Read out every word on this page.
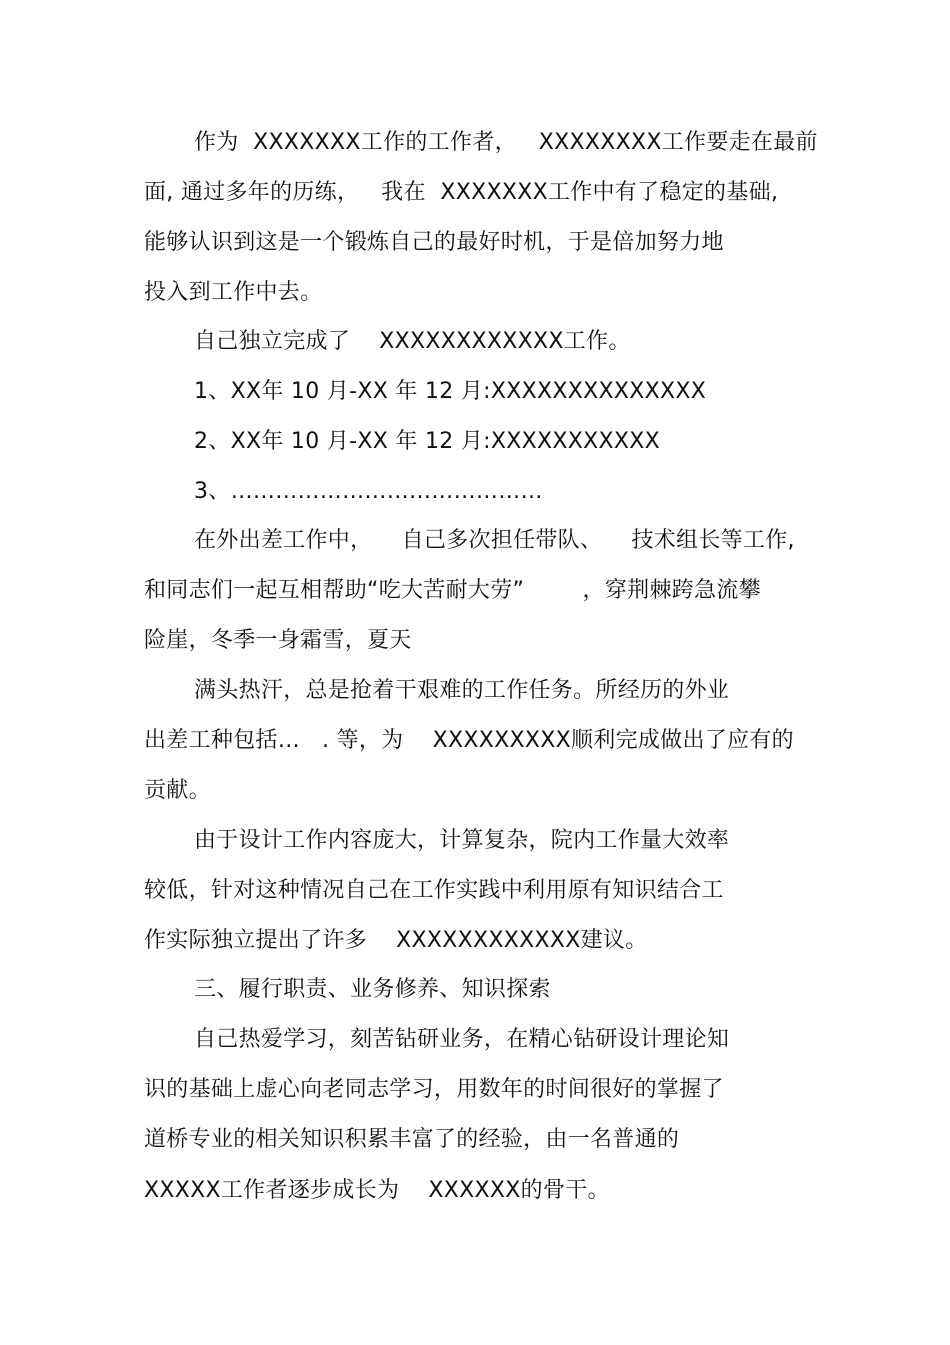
作为  XXXXXXX工作的工作者，   XXXXXXXX工作要走在最前
面, 通过多年的历练，   我在  XXXXXXX工作中有了稳定的基础,
能够认识到这是一个锻炼自己的最好时机，于是倍加努力地
投入到工作中去。
自己独立完成了    XXXXXXXXXXXX工作。
1、XX年 10 月-XX 年 12 月:XXXXXXXXXXXXXX
2、XX年 10 月-XX 年 12 月:XXXXXXXXXXX
3、……………………………………
在外出差工作中，    自己多次担任带队、    技术组长等工作,
和同志们一起互相帮助“吃大苦耐大劳”        ，穿荆棘跨急流攀
险崖，冬季一身霜雪，夏天
满头热汗，总是抢着干艰难的工作任务。所经历的外业
出差工种包括…   . 等，为    XXXXXXXXX顺利完成做出了应有的
贡献。
由于设计工作内容庞大，计算复杂，院内工作量大效率
较低，针对这种情况自己在工作实践中利用原有知识结合工
作实际独立提出了许多    XXXXXXXXXXXX建议。
三、履行职责、业务修养、知识探索
自己热爱学习，刻苦钻研业务，在精心钻研设计理论知
识的基础上虚心向老同志学习，用数年的时间很好的掌握了
道桥专业的相关知识积累丰富了的经验，由一名普通的
XXXXX工作者逐步成长为    XXXXXX的骨干。
